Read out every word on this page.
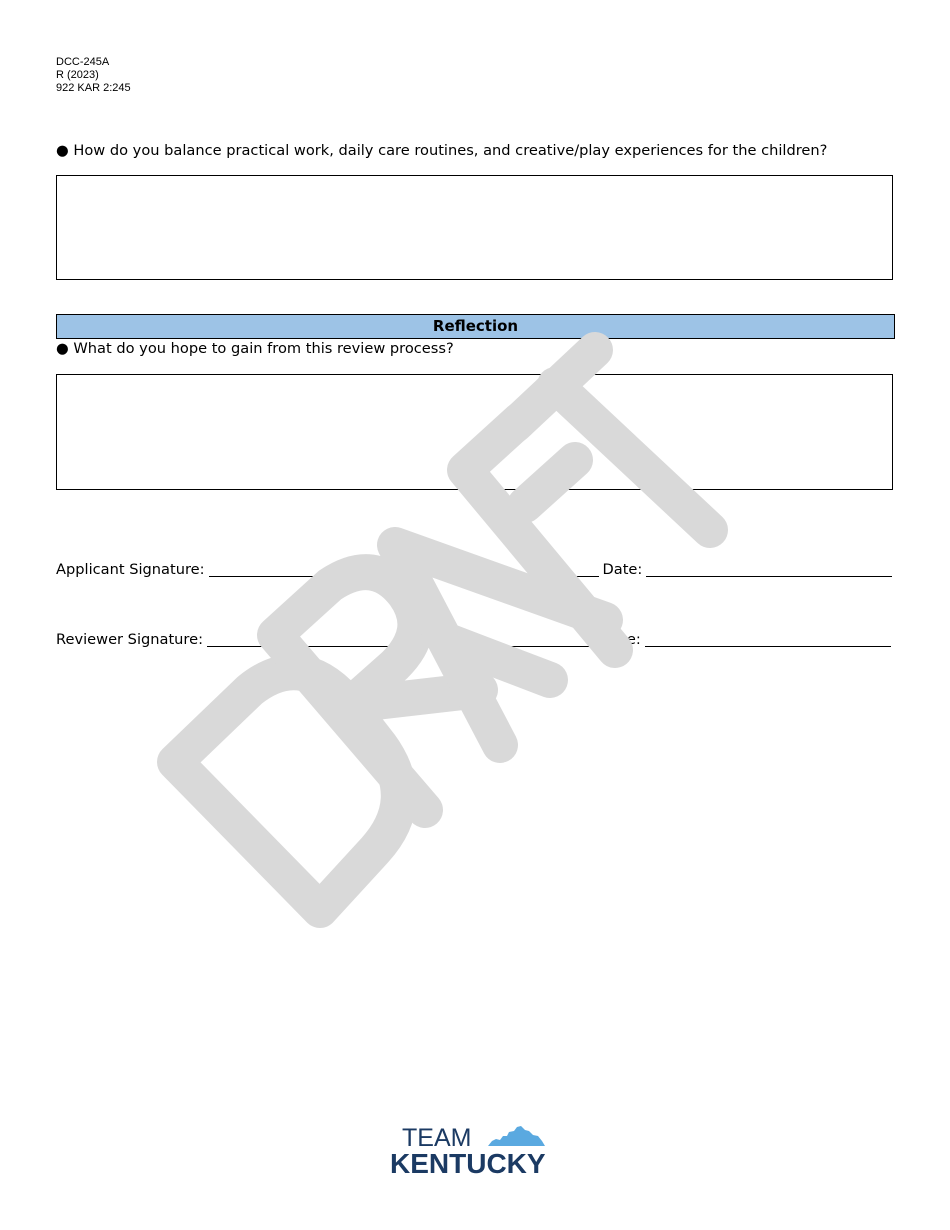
DCC-245A
R (2023)
922 KAR 2:245
● How do you balance practical work, daily care routines, and creative/play experiences for the children?
Reflection
● What do you hope to gain from this review process?
Applicant Signature:	Date:
Reviewer Signature:	Date:
TEAM
KENTUCKY
